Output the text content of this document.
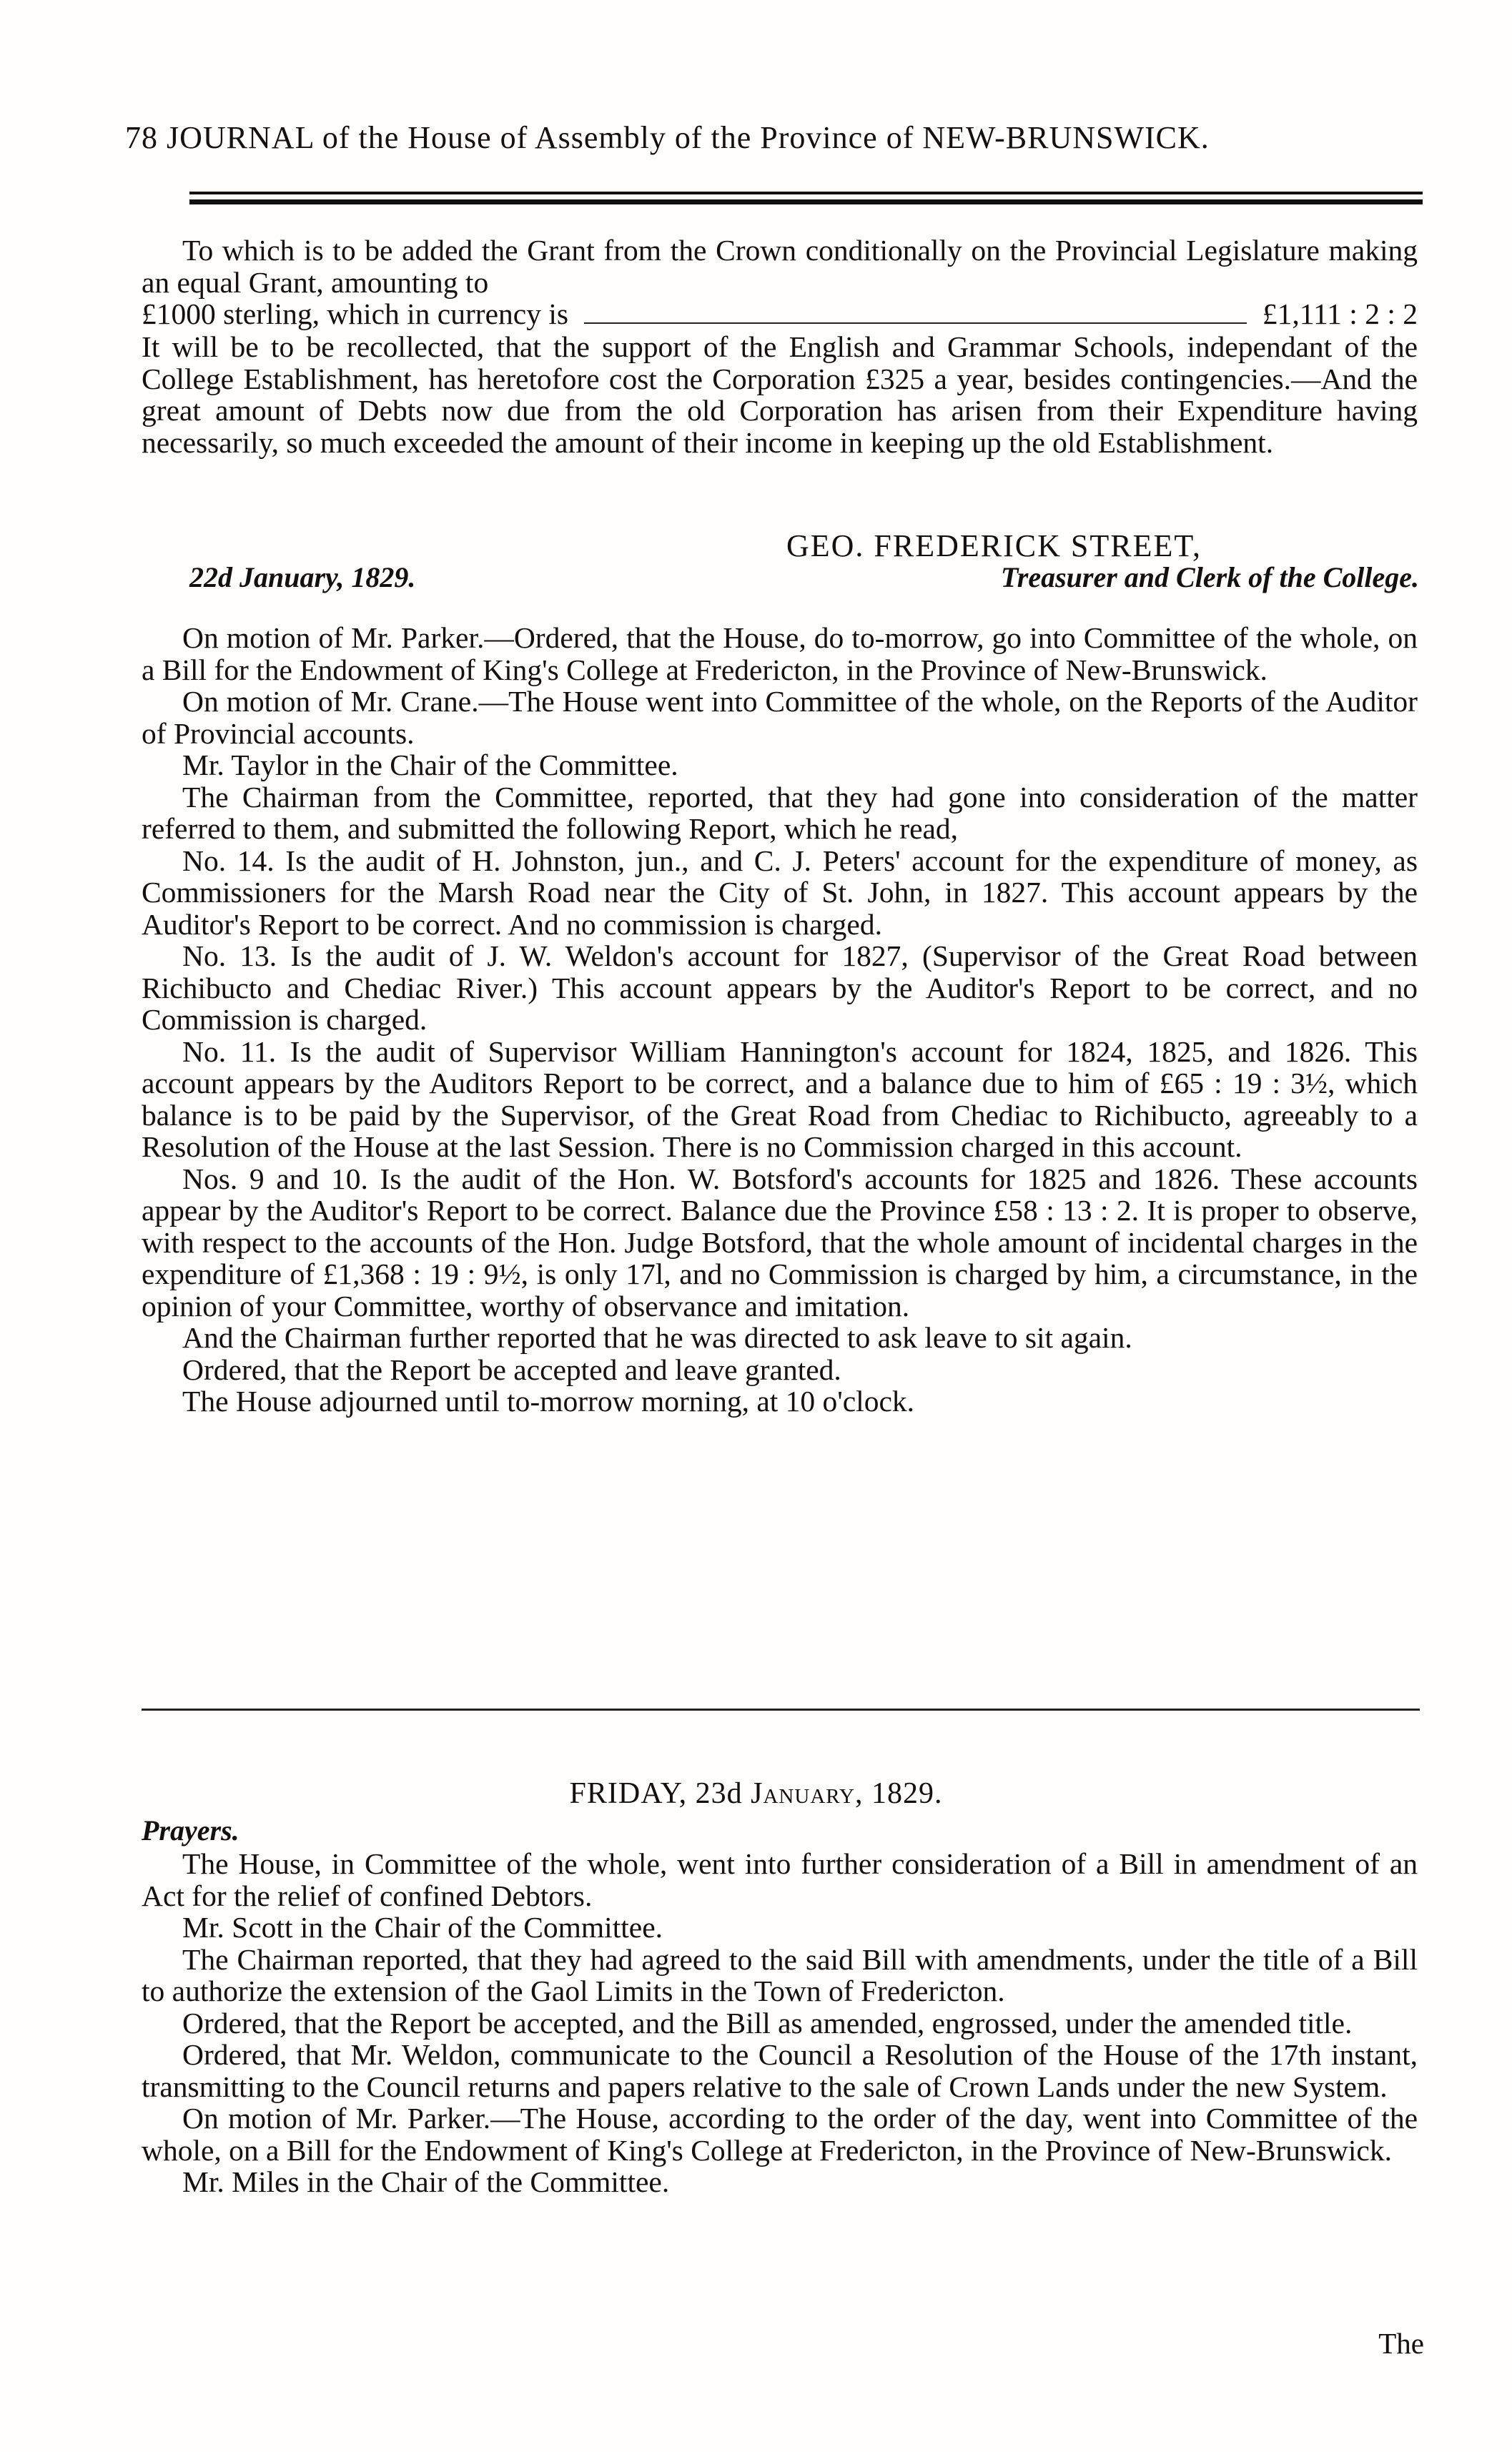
78 JOURNAL of the House of Assembly of the Province of NEW-BRUNSWICK.

To which is to be added the Grant from the Crown conditionally on the Provincial Legislature making an equal Grant, amounting to

£1000 sterling, which in currency is	£1,111 : 2 : 2

It will be to be recollected, that the support of the English and Grammar Schools, independant of the College Establishment, has heretofore cost the Corporation £325 a year, besides contingencies.—And the great amount of Debts now due from the old Corporation has arisen from their Expenditure having necessarily, so much exceeded the amount of their income in keeping up the old Establishment.

GEO. FREDERICK STREET,
22d January, 1829.	Treasurer and Clerk of the College.

On motion of Mr. Parker.—Ordered, that the House, do to-morrow, go into Committee of the whole, on a Bill for the Endowment of King's College at Fredericton, in the Province of New-Brunswick.

On motion of Mr. Crane.—The House went into Committee of the whole, on the Reports of the Auditor of Provincial accounts.

Mr. Taylor in the Chair of the Committee.

The Chairman from the Committee, reported, that they had gone into consideration of the matter referred to them, and submitted the following Report, which he read,

No. 14. Is the audit of H. Johnston, jun., and C. J. Peters' account for the expenditure of money, as Commissioners for the Marsh Road near the City of St. John, in 1827. This account appears by the Auditor's Report to be correct. And no commission is charged.

No. 13. Is the audit of J. W. Weldon's account for 1827, (Supervisor of the Great Road between Richibucto and Chediac River.) This account appears by the Auditor's Report to be correct, and no Commission is charged.

No. 11. Is the audit of Supervisor William Hannington's account for 1824, 1825, and 1826. This account appears by the Auditors Report to be correct, and a balance due to him of £65 : 19 : 3½, which balance is to be paid by the Supervisor, of the Great Road from Chediac to Richibucto, agreeably to a Resolution of the House at the last Session. There is no Commission charged in this account.

Nos. 9 and 10. Is the audit of the Hon. W. Botsford's accounts for 1825 and 1826. These accounts appear by the Auditor's Report to be correct. Balance due the Province £58 : 13 : 2. It is proper to observe, with respect to the accounts of the Hon. Judge Botsford, that the whole amount of incidental charges in the expenditure of £1,368 : 19 : 9½, is only 17l, and no Commission is charged by him, a circumstance, in the opinion of your Committee, worthy of observance and imitation.

And the Chairman further reported that he was directed to ask leave to sit again.

Ordered, that the Report be accepted and leave granted.

The House adjourned until to-morrow morning, at 10 o'clock.

FRIDAY, 23d January, 1829.
Prayers.

The House, in Committee of the whole, went into further consideration of a Bill in amendment of an Act for the relief of confined Debtors.

Mr. Scott in the Chair of the Committee.

The Chairman reported, that they had agreed to the said Bill with amendments, under the title of a Bill to authorize the extension of the Gaol Limits in the Town of Fredericton.

Ordered, that the Report be accepted, and the Bill as amended, engrossed, under the amended title.

Ordered, that Mr. Weldon, communicate to the Council a Resolution of the House of the 17th instant, transmitting to the Council returns and papers relative to the sale of Crown Lands under the new System.

On motion of Mr. Parker.—The House, according to the order of the day, went into Committee of the whole, on a Bill for the Endowment of King's College at Fredericton, in the Province of New-Brunswick.

Mr. Miles in the Chair of the Committee.

The
